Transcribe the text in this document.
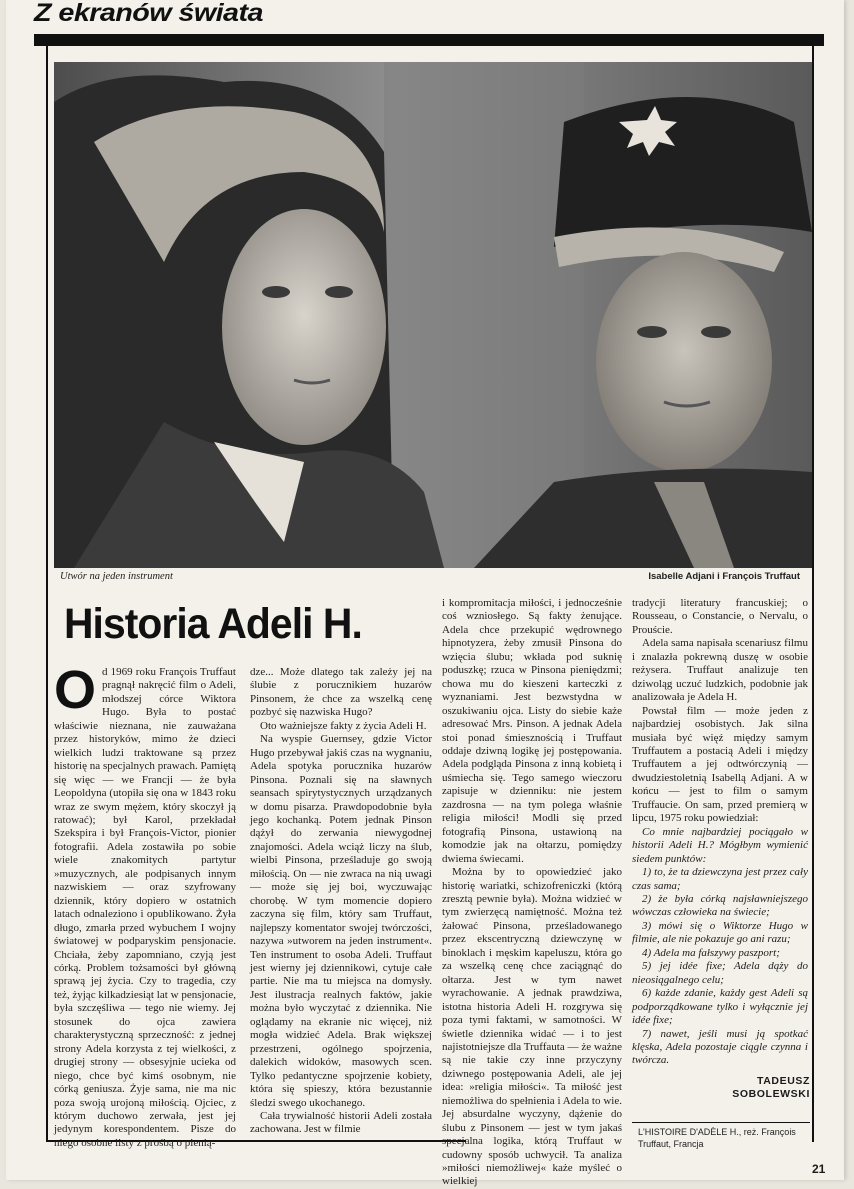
Z ekranów świata
Utwór na jeden instrument	Isabelle Adjani i François Truffaut
Historia Adeli H.
O d 1969 roku François Truffaut pragnął nakręcić film o Adeli, młodszej córce Wiktora Hugo. Była to postać właściwie nieznana, nie zauważana przez historyków, mimo że dzieci wielkich ludzi traktowane są przez historię na specjalnych prawach. Pamiętą się więc — we Francji — że była Leopoldyna (utopiła się ona w 1843 roku wraz ze swym mężem, który skoczył ją ratować); był Karol, przekładał Szekspira i był François-Victor, pionier fotografii. Adela zostawiła po sobie wiele znakomitych partytur »muzycznych, ale podpisanych innym nazwiskiem — oraz szyfrowany dziennik, który dopiero w ostatnich latach odnaleziono i opublikowano. Żyła długo, zmarła przed wybuchem I wojny światowej w podparyskim pensjonacie. Chciała, żeby zapomniano, czyją jest córką. Problem tożsamości był główną sprawą jej życia. Czy to tragedia, czy też, żyjąc kilkadziesiąt lat w pensjonacie, była szczęśliwa — tego nie wiemy. Jej stosunek do ojca zawiera charakterystyczną sprzeczność: z jednej strony Adela korzysta z tej wielkości, z drugiej strony — obsesyjnie ucieka od niego, chce być kimś osobnym, nie córką geniusza. Żyje sama, nie ma nic poza swoją urojoną miłością. Ojciec, z którym duchowo zerwała, jest jej jedynym korespondentem. Pisze do niego osobne listy z prośbą o pienią-

dze... Może dlatego tak zależy jej na ślubie z porucznikiem huzarów Pinsonem, że chce za wszelką cenę pozbyć się nazwiska Hugo?

Oto ważniejsze fakty z życia Adeli H.

Na wyspie Guernsey, gdzie Victor Hugo przebywał jakiś czas na wygnaniu, Adela spotyka porucznika huzarów Pinsona. Poznali się na sławnych seansach spirytystycznych urządzanych w domu pisarza. Prawdopodobnie była jego kochanką. Potem jednak Pinson dążył do zerwania niewygodnej znajomości. Adela wciąż liczy na ślub, wielbi Pinsona, prześladuje go swoją miłością. On — nie zwraca na nią uwagi — może się jej boi, wyczuwając chorobę. W tym momencie dopiero zaczyna się film, który sam Truffaut, najlepszy komentator swojej twórczości, nazywa »utworem na jeden instrument«. Ten instrument to osoba Adeli. Truffaut jest wierny jej dziennikowi, cytuje całe partie. Nie ma tu miejsca na domysły. Jest ilustracja realnych faktów, jakie można było wyczytać z dziennika. Nie oglądamy na ekranie nic więcej, niż mogła widzieć Adela. Brak większej przestrzeni, ogólnego spojrzenia, dalekich widoków, masowych scen. Tylko pedantyczne spojrzenie kobiety, która się spieszy, która bezustannie śledzi swego ukochanego.

Cała trywialność historii Adeli została zachowana. Jest w filmie

i kompromitacja miłości, i jednocześnie coś wzniosłego. Są fakty żenujące. Adela chce przekupić wędrownego hipnotyzera, żeby zmusił Pinsona do wzięcia ślubu; wkłada pod suknię poduszkę; rzuca w Pinsona pieniędzmi; chowa mu do kieszeni karteczki z wyznaniami. Jest bezwstydna w oszukiwaniu ojca. Listy do siebie każe adresować Mrs. Pinson. A jednak Adela stoi ponad śmiesznością i Truffaut oddaje dziwną logikę jej postępowania. Adela podgląda Pinsona z inną kobietą i uśmiecha się. Tego samego wieczoru zapisuje w dzienniku: nie jestem zazdrosna — na tym polega właśnie religia miłości! Modli się przed fotografią Pinsona, ustawioną na komodzie jak na ołtarzu, pomiędzy dwiema świecami.

Można by to opowiedzieć jako historię wariatki, schizofreniczki (którą zresztą pewnie była). Można widzieć w tym zwierzęcą namiętność. Można też żałować Pinsona, prześladowanego przez ekscentryczną dziewczynę w binoklach i męskim kapeluszu, która go za wszelką cenę chce zaciągnąć do ołtarza. Jest w tym nawet wyrachowanie. A jednak prawdziwa, istotna historia Adeli H. rozgrywa się poza tymi faktami, w samotności. W świetle dziennika widać — i to jest najistotniejsze dla Truffauta — że ważne są nie takie czy inne przyczyny dziwnego postępowania Adeli, ale jej idea: »religia miłości«. Ta miłość jest niemożliwa do spełnienia i Adela to wie. Jej absurdalne wyczyny, dążenie do ślubu z Pinsonem — jest w tym jakaś specjalna logika, którą Truffaut w cudowny sposób uchwycił. Ta analiza »miłości niemożliwej« każe myśleć o wielkiej

tradycji literatury francuskiej; o Rousseau, o Constancie, o Nervalu, o Prouście.

Adela sama napisała scenariusz filmu i znalazła pokrewną duszę w osobie reżysera. Truffaut analizuje ten dziwoląg uczuć ludzkich, podobnie jak analizowała je Adela H.

Powstał film — może jeden z najbardziej osobistych. Jak silna musiała być więź między samym Truffautem a postacią Adeli i między Truffautem a jej odtwórczynią — dwudziestoletnią Isabellą Adjani. A w końcu — jest to film o samym Truffaucie. On sam, przed premierą w lipcu, 1975 roku powiedział:

Co mnie najbardziej pociągało w historii Adeli H.? Mógłbym wymienić siedem punktów:

1) to, że ta dziewczyna jest przez cały czas sama;

2) że była córką najsławniejszego wówczas człowieka na świecie;

3) mówi się o Wiktorze Hugo w filmie, ale nie pokazuje go ani razu;

4) Adela ma fałszywy paszport;

5) jej idée fixe; Adela dąży do nieosiągalnego celu;

6) każde zdanie, każdy gest Adeli są podporządkowane tylko i wyłącznie jej idée fixe;

7) nawet, jeśli musi ją spotkać klęska, Adela pozostaje ciągle czynna i twórcza.

TADEUSZ
SOBOLEWSKI
L'HISTOIRE D'ADÈLE H., reż. François Truffaut, Francja
21
